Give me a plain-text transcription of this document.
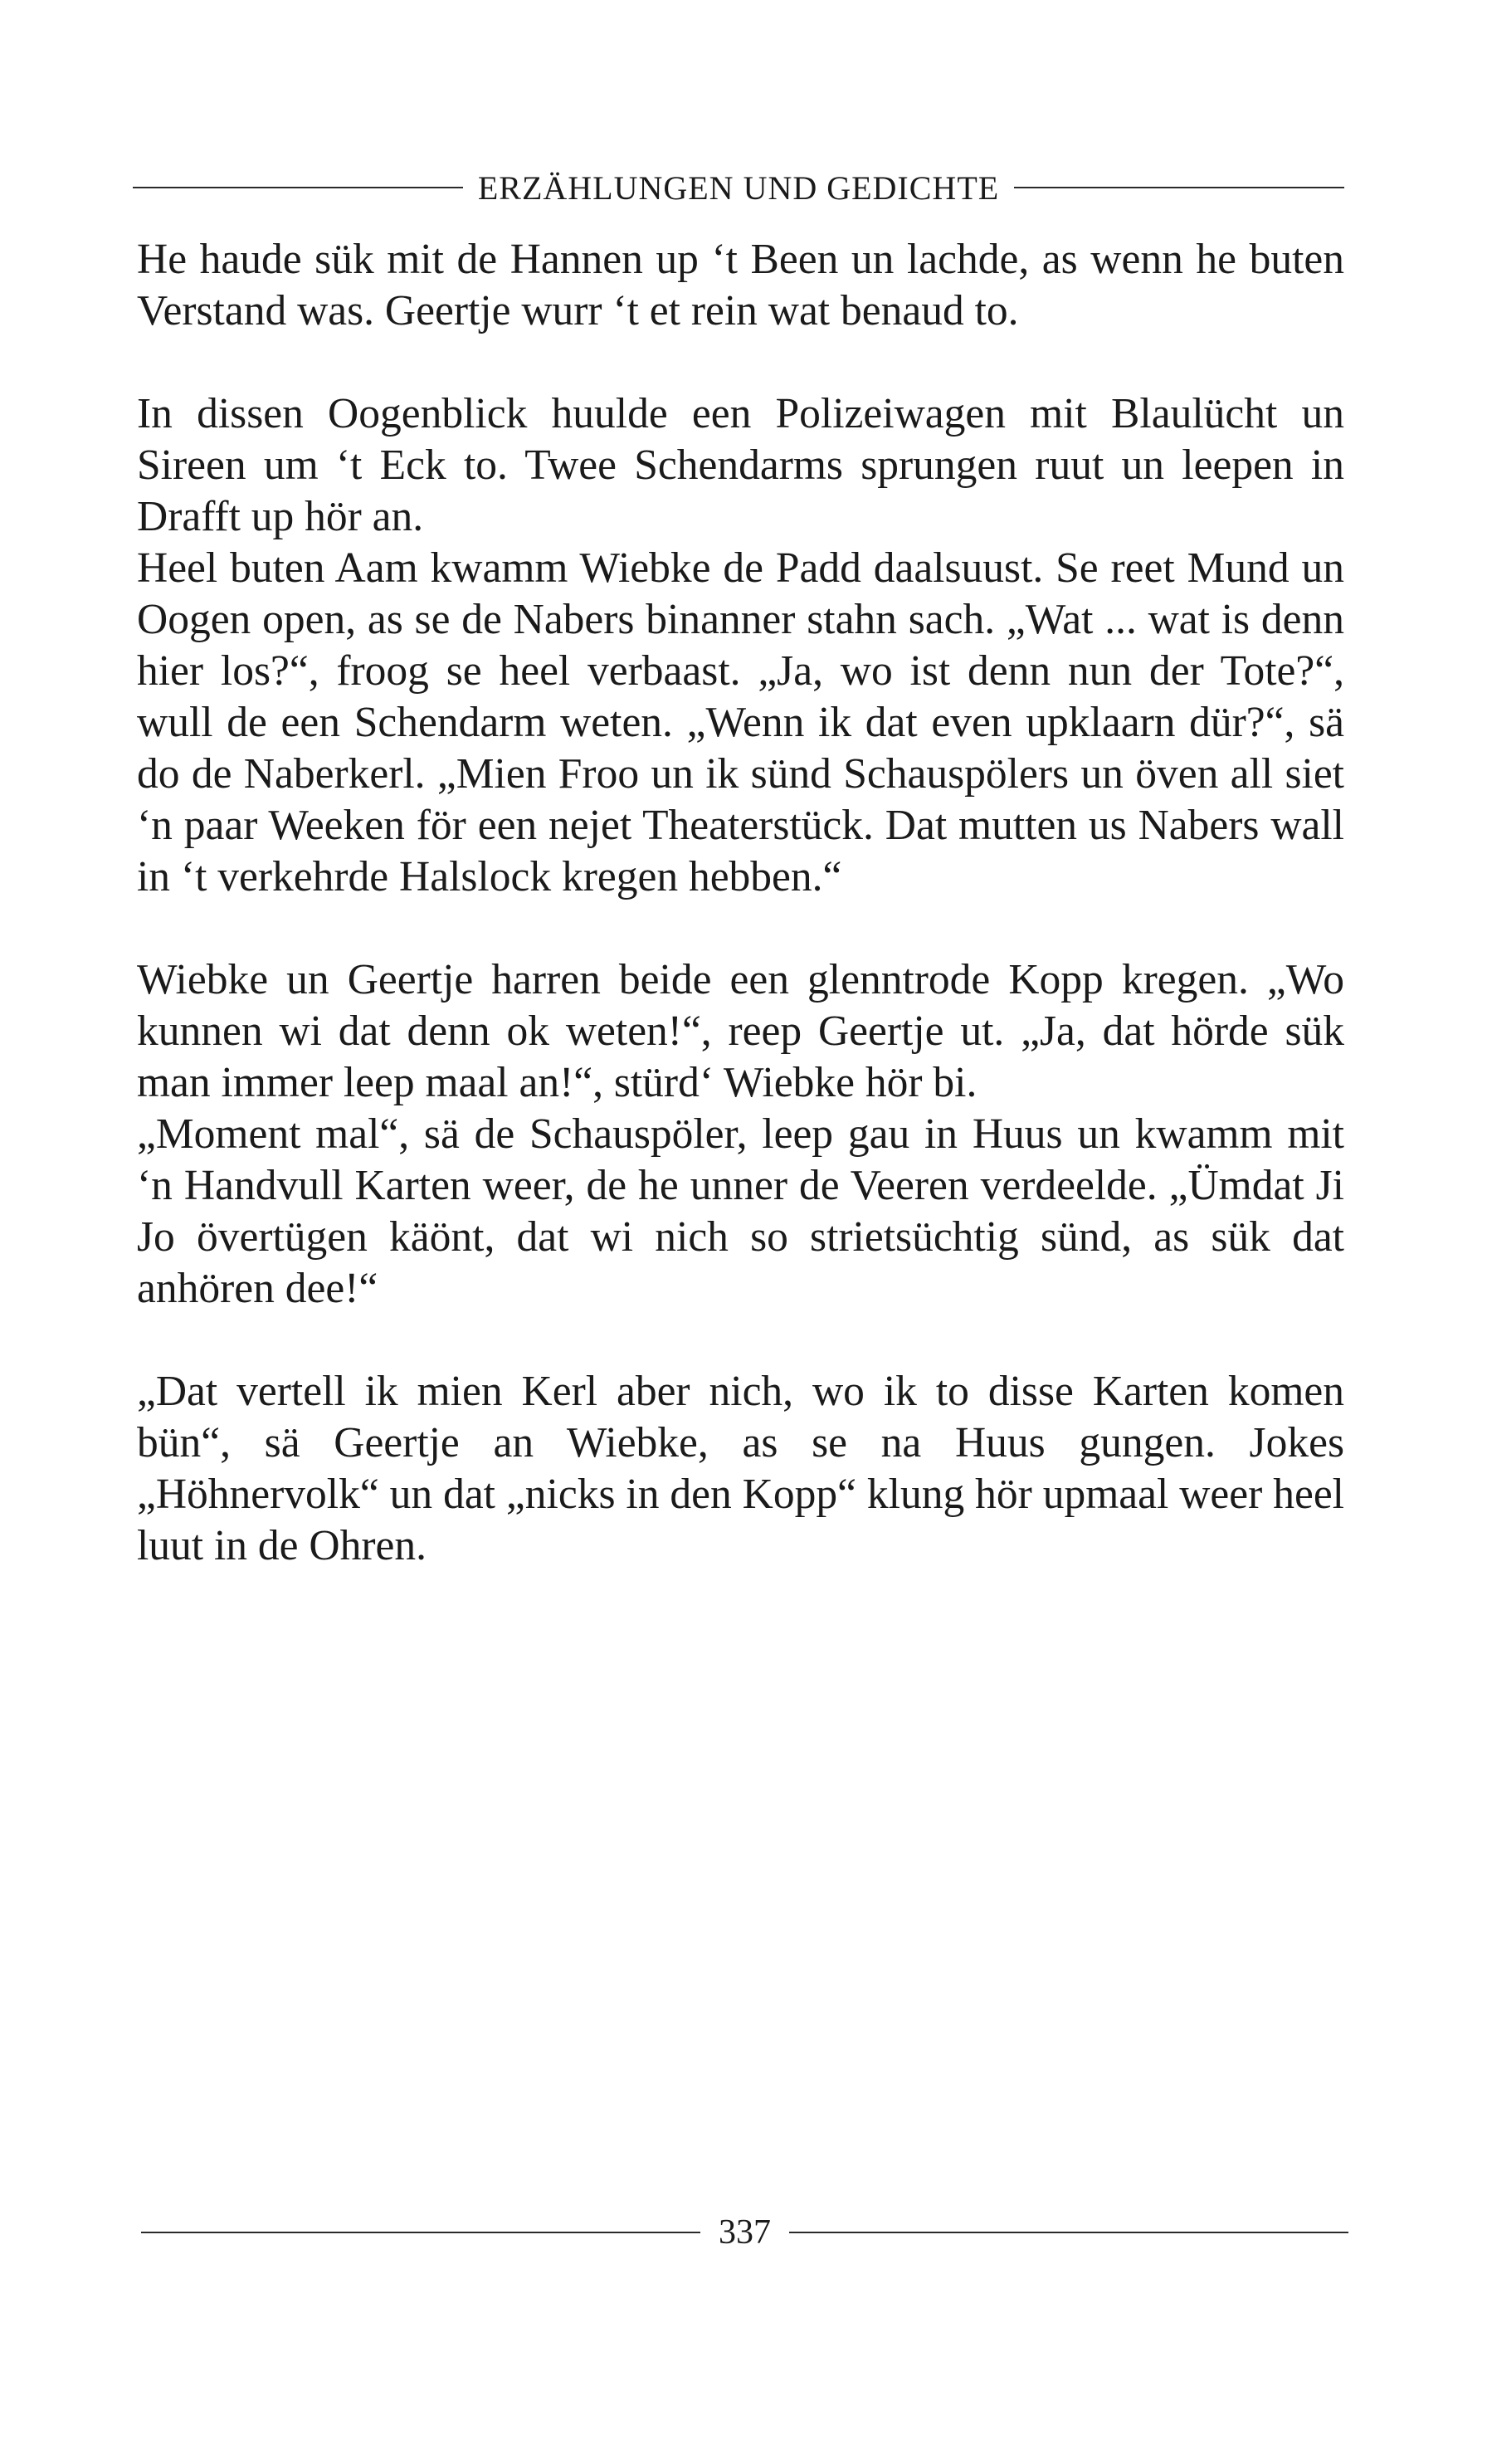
ERZÄHLUNGEN UND GEDICHTE

He haude sük mit de Hannen up ‘t Been un lachde, as wenn he buten Verstand was. Geertje wurr ‘t et rein wat benaud to.

In dissen Oogenblick huulde een Polizeiwagen mit Blaulücht un Sireen um ‘t Eck to. Twee Schendarms sprungen ruut un leepen in Drafft up hör an.

Heel buten Aam kwamm Wiebke de Padd daalsuust. Se reet Mund un Oogen open, as se de Nabers binanner stahn sach. „Wat ... wat is denn hier los?“, froog se heel verbaast. „Ja, wo ist denn nun der Tote?“, wull de een Schendarm weten. „Wenn ik dat even upklaarn dür?“, sä do de Naberkerl. „Mien Froo un ik sünd Schauspölers un öven all siet ‘n paar Weeken för een nejet Theaterstück. Dat mutten us Nabers wall in ‘t verkehrde Halslock kregen hebben.“

Wiebke un Geertje harren beide een glenntrode Kopp kregen. „Wo kunnen wi dat denn ok weten!“, reep Geertje ut. „Ja, dat hörde sük man immer leep maal an!“, stürd‘ Wiebke hör bi.

„Moment mal“, sä de Schauspöler, leep gau in Huus un kwamm mit ‘n Handvull Karten weer, de he unner de Veeren verdeelde. „Ümdat Ji Jo övertügen käönt, dat wi nich so strietsüchtig sünd, as sük dat anhören dee!“

„Dat vertell ik mien Kerl aber nich, wo ik to disse Karten komen bün“, sä Geertje an Wiebke, as se na Huus gungen. Jokes „Höhnervolk“ un dat „nicks in den Kopp“ klung hör upmaal weer heel luut in de Ohren.

337
